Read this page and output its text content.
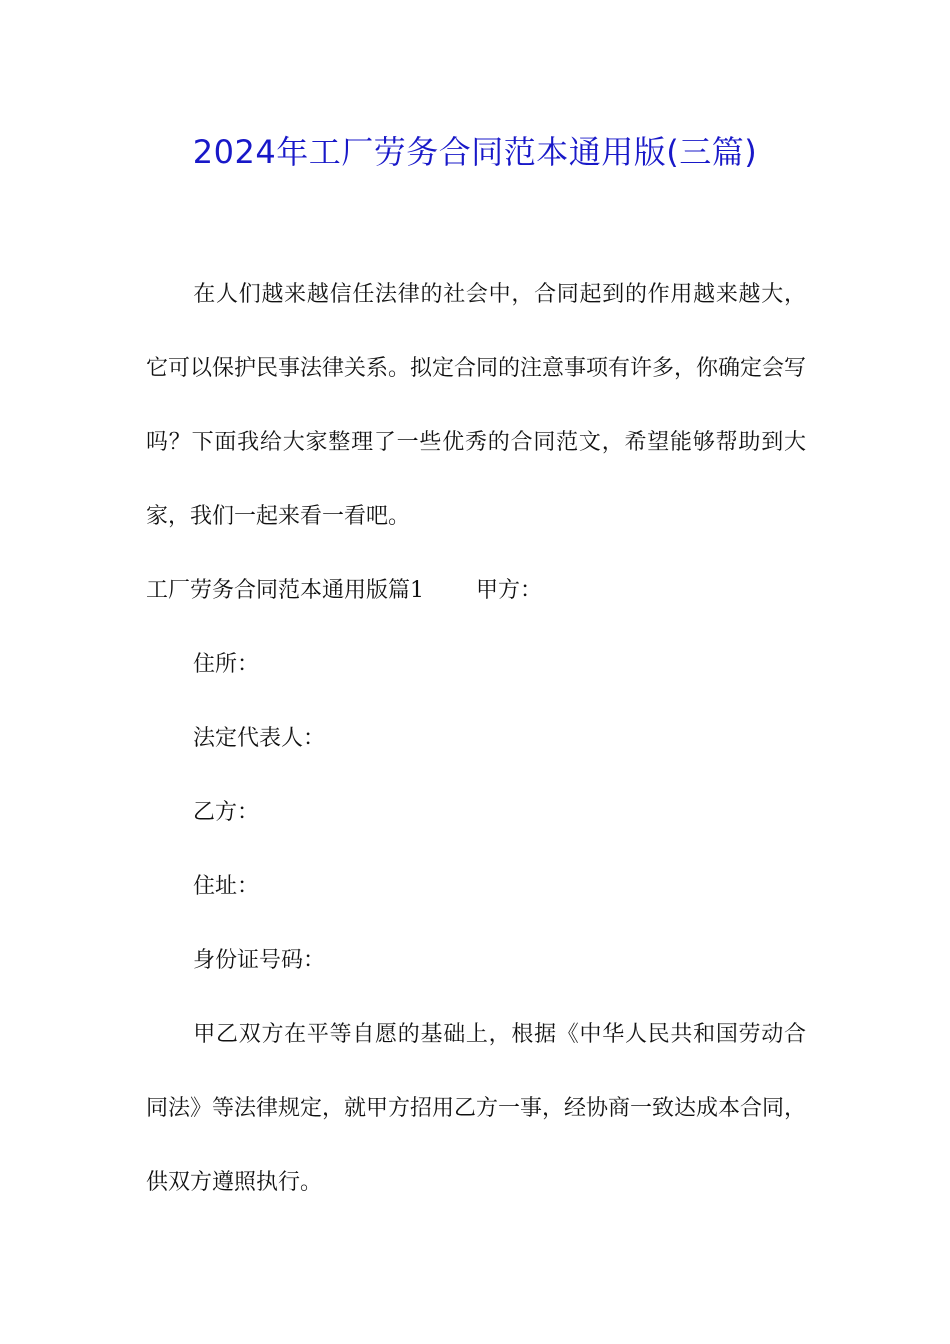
2024年工厂劳务合同范本通用版(三篇)

在人们越来越信任法律的社会中，合同起到的作用越来越大，它可以保护民事法律关系。拟定合同的注意事项有许多，你确定会写吗？下面我给大家整理了一些优秀的合同范文，希望能够帮助到大家，我们一起来看一看吧。

工厂劳务合同范本通用版篇1 甲方：

住所：

法定代表人：

乙方：

住址：

身份证号码：

甲乙双方在平等自愿的基础上，根据《中华人民共和国劳动合同法》等法律规定，就甲方招用乙方一事，经协商一致达成本合同，供双方遵照执行。
